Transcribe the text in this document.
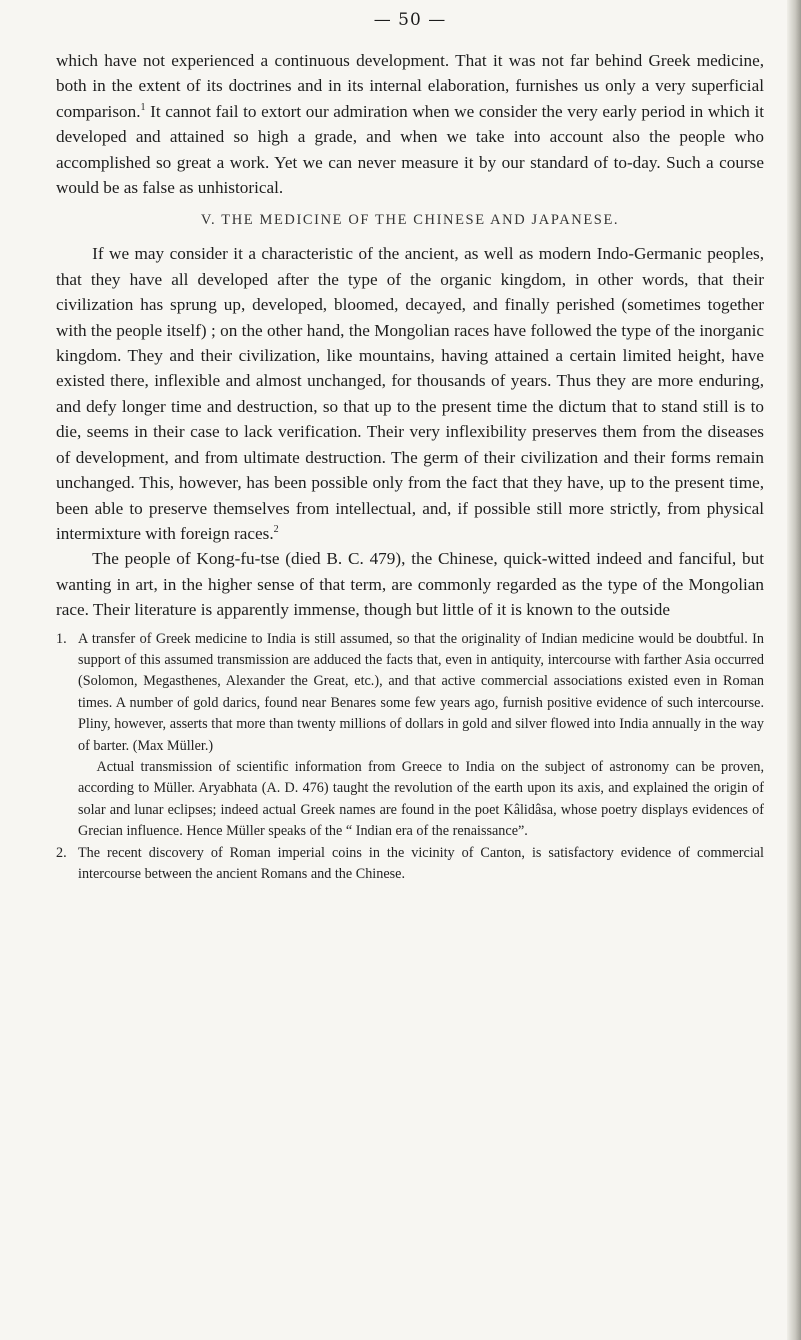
— 50 —

which have not experienced a continuous development. That it was not far behind Greek medicine, both in the extent of its doctrines and in its internal elaboration, furnishes us only a very superficial comparison.$^1$ It cannot fail to extort our admiration when we consider the very early period in which it developed and attained so high a grade, and when we take into account also the people who accomplished so great a work. Yet we can never measure it by our standard of to-day. Such a course would be as false as unhistorical.

V. THE MEDICINE OF THE CHINESE AND JAPANESE.

If we may consider it a characteristic of the ancient, as well as modern Indo-Germanic peoples, that they have all developed after the type of the organic kingdom, in other words, that their civilization has sprung up, developed, bloomed, decayed, and finally perished (sometimes together with the people itself) ; on the other hand, the Mongolian races have followed the type of the inorganic kingdom. They and their civilization, like mountains, having attained a certain limited height, have existed there, inflexible and almost unchanged, for thousands of years. Thus they are more enduring, and defy longer time and destruction, so that up to the present time the dictum that to stand still is to die, seems in their case to lack verification. Their very inflexibility preserves them from the diseases of development, and from ultimate destruction. The germ of their civilization and their forms remain unchanged. This, however, has been possible only from the fact that they have, up to the present time, been able to preserve themselves from intellectual, and, if possible still more strictly, from physical intermixture with foreign races.$^2$

The people of Kong-fu-tse (died B. C. 479), the Chinese, quick-witted indeed and fanciful, but wanting in art, in the higher sense of that term, are commonly regarded as the type of the Mongolian race. Their literature is apparently immense, though but little of it is known to the outside

1. A transfer of Greek medicine to India is still assumed, so that the originality of Indian medicine would be doubtful. In support of this assumed transmission are adduced the facts that, even in antiquity, intercourse with farther Asia occurred (Solomon, Megasthenes, Alexander the Great, etc.), and that active commercial associations existed even in Roman times. A number of gold darics, found near Benares some few years ago, furnish positive evidence of such intercourse. Pliny, however, asserts that more than twenty millions of dollars in gold and silver flowed into India annually in the way of barter. (Max Müller.)

Actual transmission of scientific information from Greece to India on the subject of astronomy can be proven, according to Müller. Aryabhata (A. D. 476) taught the revolution of the earth upon its axis, and explained the origin of solar and lunar eclipses; indeed actual Greek names are found in the poet Kâlidâsa, whose poetry displays evidences of Grecian influence. Hence Müller speaks of the “ Indian era of the renaissance”.

2. The recent discovery of Roman imperial coins in the vicinity of Canton, is satisfactory evidence of commercial intercourse between the ancient Romans and the Chinese.
